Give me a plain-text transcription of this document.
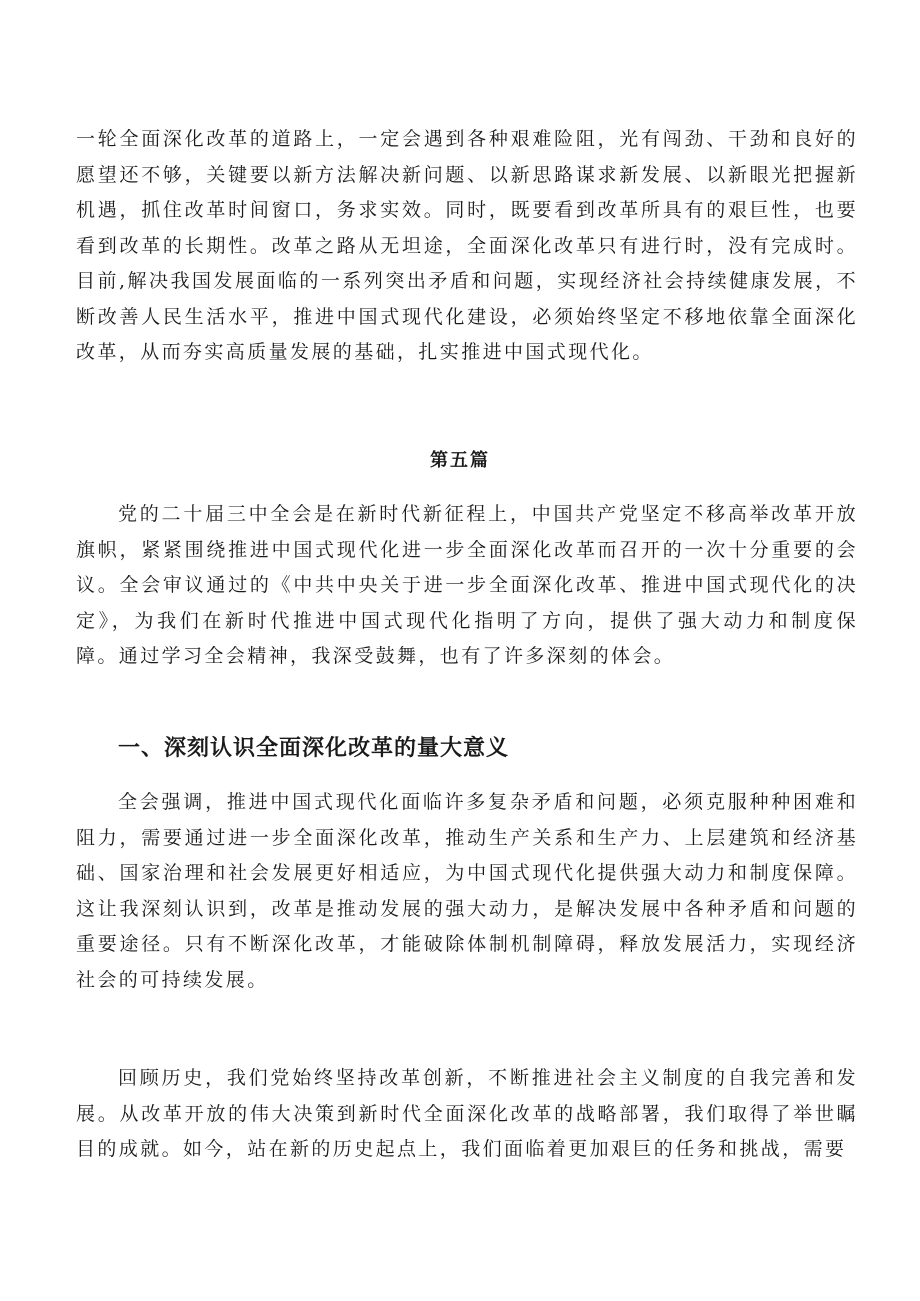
一轮全面深化改革的道路上，一定会遇到各种艰难险阻，光有闯劲、干劲和良好的愿望还不够，关键要以新方法解决新问题、以新思路谋求新发展、以新眼光把握新机遇，抓住改革时间窗口，务求实效。同时，既要看到改革所具有的艰巨性，也要看到改革的长期性。改革之路从无坦途，全面深化改革只有进行时，没有完成时。目前,解决我国发展面临的一系列突出矛盾和问题，实现经济社会持续健康发展，不断改善人民生活水平，推进中国式现代化建设，必须始终坚定不移地依靠全面深化改革，从而夯实高质量发展的基础，扎实推进中国式现代化。

第五篇

党的二十届三中全会是在新时代新征程上，中国共产党坚定不移高举改革开放旗帜，紧紧围绕推进中国式现代化进一步全面深化改革而召开的一次十分重要的会议。全会审议通过的《中共中央关于进一步全面深化改革、推进中国式现代化的决定》，为我们在新时代推进中国式现代化指明了方向，提供了强大动力和制度保障。通过学习全会精神，我深受鼓舞，也有了许多深刻的体会。

一、深刻认识全面深化改革的量大意义

全会强调，推进中国式现代化面临许多复杂矛盾和问题，必须克服种种困难和阻力，需要通过进一步全面深化改革，推动生产关系和生产力、上层建筑和经济基础、国家治理和社会发展更好相适应，为中国式现代化提供强大动力和制度保障。这让我深刻认识到，改革是推动发展的强大动力，是解决发展中各种矛盾和问题的重要途径。只有不断深化改革，才能破除体制机制障碍，释放发展活力，实现经济社会的可持续发展。

回顾历史，我们党始终坚持改革创新，不断推进社会主义制度的自我完善和发展。从改革开放的伟大决策到新时代全面深化改革的战略部署，我们取得了举世瞩目的成就。如今，站在新的历史起点上，我们面临着更加艰巨的任务和挑战，需要
